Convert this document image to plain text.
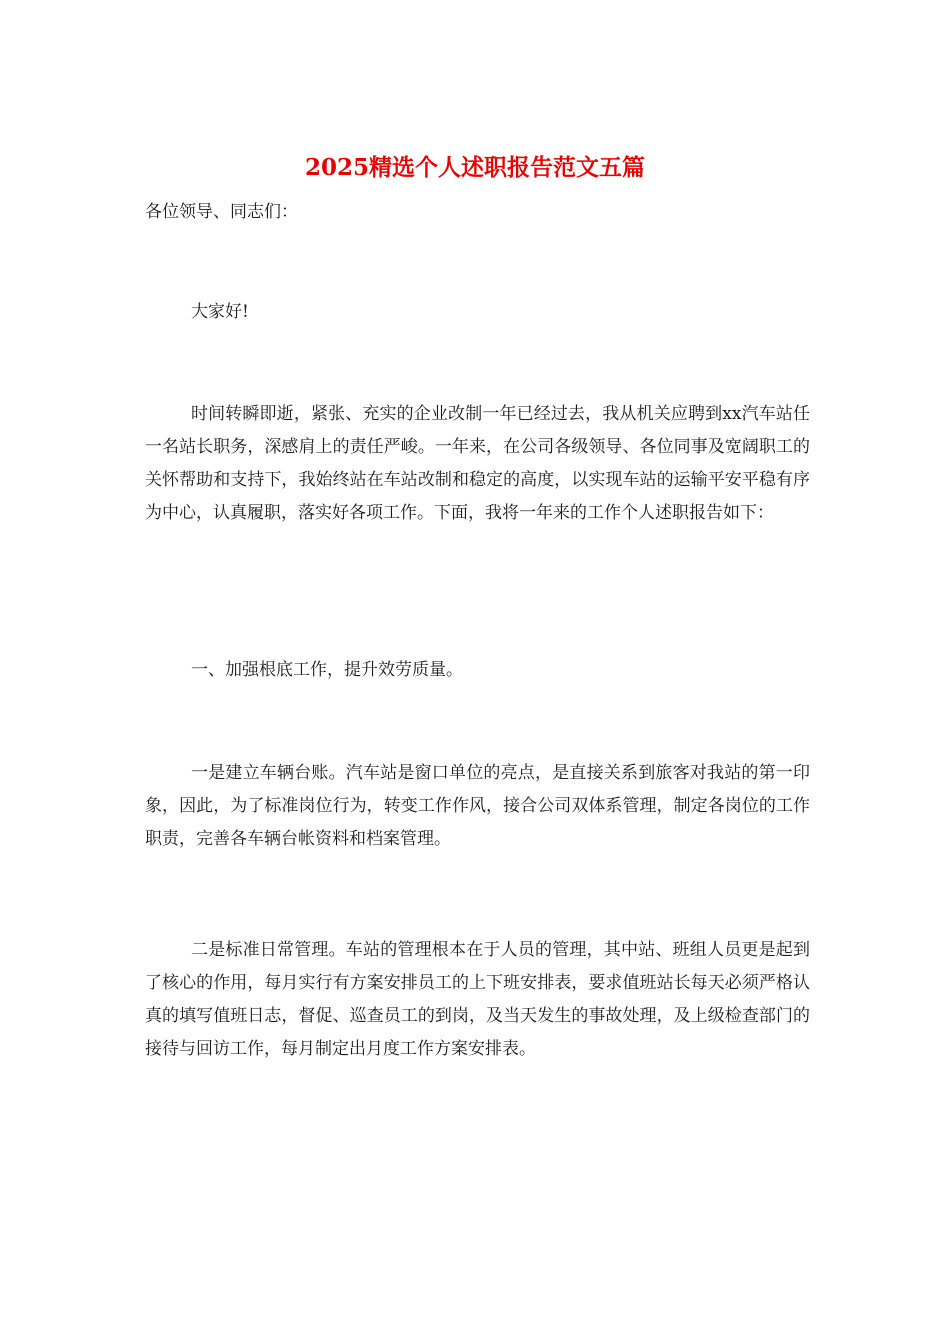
2025精选个人述职报告范文五篇

各位领导、同志们：

大家好!

时间转瞬即逝，紧张、充实的企业改制一年已经过去，我从机关应聘到xx汽车站任一名站长职务，深感肩上的责任严峻。一年来，在公司各级领导、各位同事及宽阔职工的关怀帮助和支持下，我始终站在车站改制和稳定的高度，以实现车站的运输平安平稳有序为中心，认真履职，落实好各项工作。下面，我将一年来的工作个人述职报告如下：

一、加强根底工作，提升效劳质量。

一是建立车辆台账。汽车站是窗口单位的亮点，是直接关系到旅客对我站的第一印象，因此，为了标准岗位行为，转变工作作风，接合公司双体系管理，制定各岗位的工作职责，完善各车辆台帐资料和档案管理。

二是标准日常管理。车站的管理根本在于人员的管理，其中站、班组人员更是起到了核心的作用，每月实行有方案安排员工的上下班安排表，要求值班站长每天必须严格认真的填写值班日志，督促、巡查员工的到岗，及当天发生的事故处理，及上级检查部门的接待与回访工作，每月制定出月度工作方案安排表。
